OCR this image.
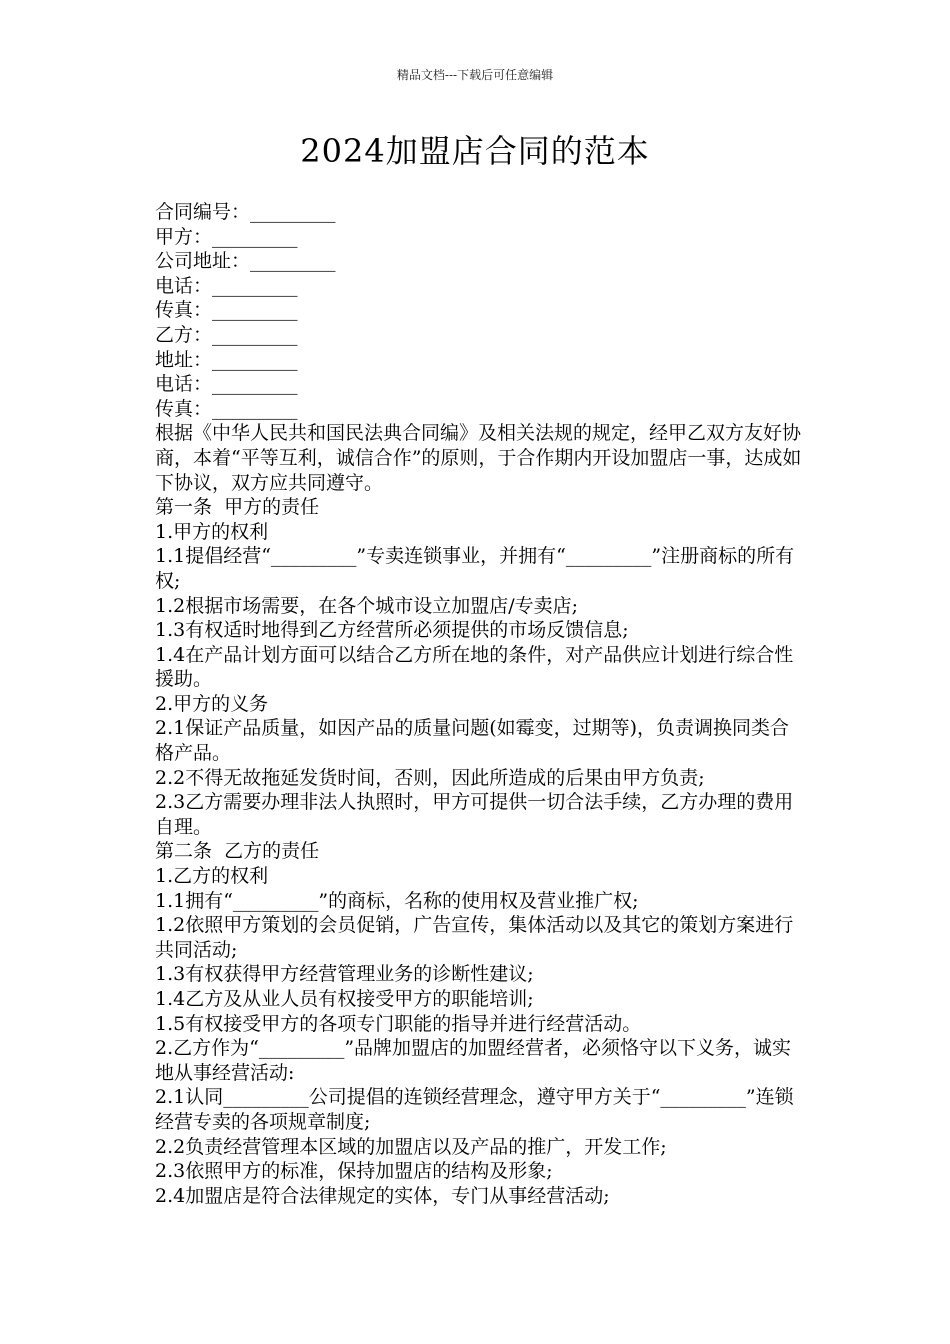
精品文档---下载后可任意编辑
2024加盟店合同的范本
合同编号：_________
甲方：_________
公司地址：_________
电话：_________
传真：_________
乙方：_________
地址：_________
电话：_________
传真：_________
根据《中华人民共和国民法典合同编》及相关法规的规定，经甲乙双方友好协商，本着“平等互利，诚信合作”的原则，于合作期内开设加盟店一事，达成如下协议，双方应共同遵守。
第一条  甲方的责任
1.甲方的权利
1.1提倡经营“_________”专卖连锁事业，并拥有“_________”注册商标的所有权;
1.2根据市场需要，在各个城市设立加盟店/专卖店;
1.3有权适时地得到乙方经营所必须提供的市场反馈信息;
1.4在产品计划方面可以结合乙方所在地的条件，对产品供应计划进行综合性援助。
2.甲方的义务
2.1保证产品质量，如因产品的质量问题(如霉变，过期等)，负责调换同类合格产品。
2.2不得无故拖延发货时间，否则，因此所造成的后果由甲方负责;
2.3乙方需要办理非法人执照时，甲方可提供一切合法手续，乙方办理的费用自理。
第二条  乙方的责任
1.乙方的权利
1.1拥有“_________”的商标，名称的使用权及营业推广权;
1.2依照甲方策划的会员促销，广告宣传，集体活动以及其它的策划方案进行共同活动;
1.3有权获得甲方经营管理业务的诊断性建议;
1.4乙方及从业人员有权接受甲方的职能培训;
1.5有权接受甲方的各项专门职能的指导并进行经营活动。
2.乙方作为“_________”品牌加盟店的加盟经营者，必须恪守以下义务，诚实地从事经营活动:
2.1认同_________公司提倡的连锁经营理念，遵守甲方关于“_________”连锁经营专卖的各项规章制度;
2.2负责经营管理本区域的加盟店以及产品的推广，开发工作;
2.3依照甲方的标准，保持加盟店的结构及形象;
2.4加盟店是符合法律规定的实体，专门从事经营活动;
